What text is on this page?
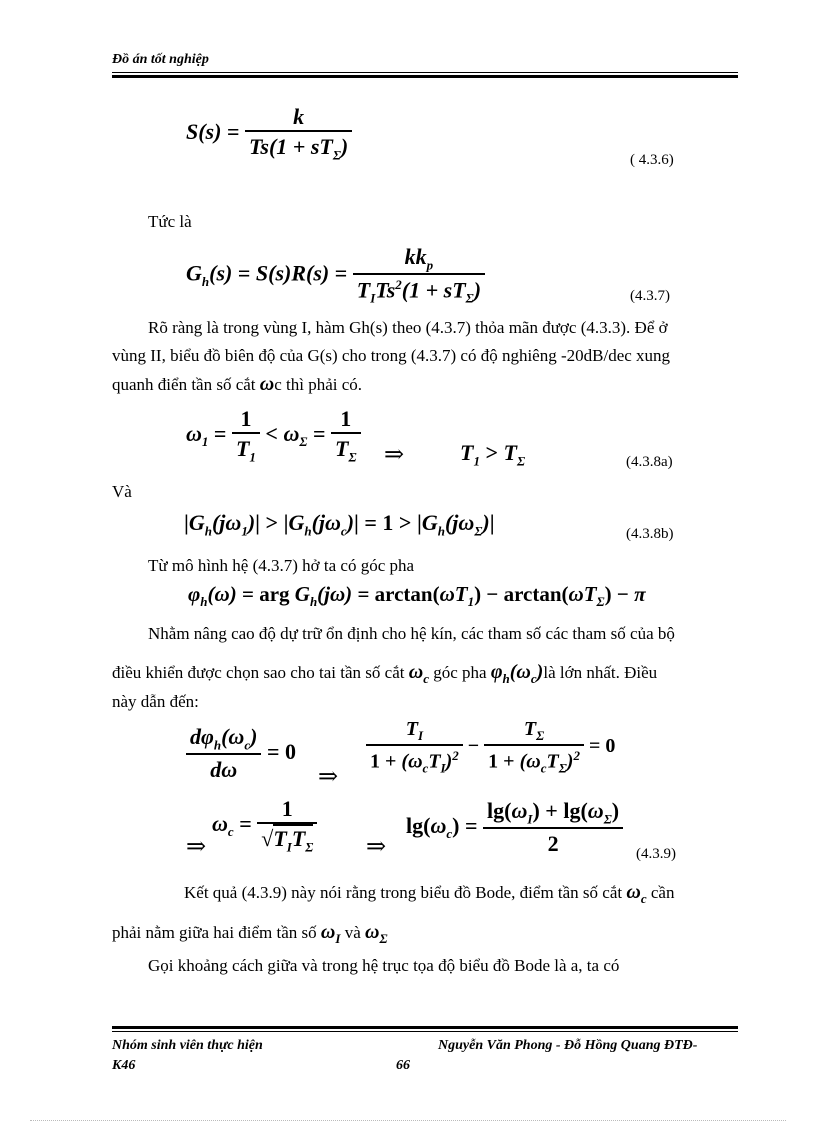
Đồ án tốt nghiệp
$S(s) = \frac{k}{Ts(1 + sT_\Sigma)}$	( 4.3.6)
Tức là
$G_h(s) = S(s)R(s) = \frac{kk_p}{T_ITs^2(1 + sT_\Sigma)}$	(4.3.7)
Rõ ràng là trong vùng I, hàm Gh(s) theo (4.3.7) thỏa mãn được (4.3.3). Để ở
vùng II, biểu đồ biên độ của G(s) cho trong (4.3.7) có độ nghiêng -20dB/dec xung
quanh điển tần số cắt ωc thì phải có.
$\omega_1 = \frac{1}{T_1} < \omega_\Sigma = \frac{1}{T_\Sigma}$ ⇒	$T_1 > T_\Sigma$	(4.3.8a)
Và
$|G_h(j\omega_1)| > |G_h(j\omega_c)| = 1 > |G_h(j\omega_\Sigma)|$	(4.3.8b)
Từ mô hình hệ (4.3.7) hở ta có góc pha
$\varphi_h(\omega)$ = arg $G_h(j\omega) = \arctan(\omega T_1) - \arctan(\omega T_\Sigma) - \pi$
Nhằm nâng cao độ dự trữ ổn định cho hệ kín, các tham số các tham số của bộ
điều khiển được chọn sao cho tai tần số cắt $\omega_c$ góc pha $\varphi_h(\omega_c)là$ lớn nhất. Điều
này dẫn đến:
$\frac{d\varphi_h(\omega_c)}{d\omega} = 0$
⇒
$\frac{T_I}{1 + (\omega_cT_I)^2} - \frac{T_\Sigma}{1 + (\omega_cT_\Sigma)^2} = 0$
⇒
$\omega_c = \frac{1}{√T_IT_\Sigma}$ ⇒
$\lg(\omega_c) = \frac{\lg(\omega_I) + \lg(\omega_\Sigma)}{2} (4.3.9)$
Kết quả (4.3.9) này nói rằng trong biểu đồ Bode, điểm tần số cắt $\omega_c$ cần
phải nằm giữa hai điểm tần số $\omega_I$ và $\omega_\Sigma$
Gọi khoảng cách giữa và trong hệ trục tọa độ biểu đồ Bode là a, ta có
Nhóm sinh viên thực hiện
K46
Nguyễn Văn Phong - Đỗ Hồng Quang ĐTĐ-
66
